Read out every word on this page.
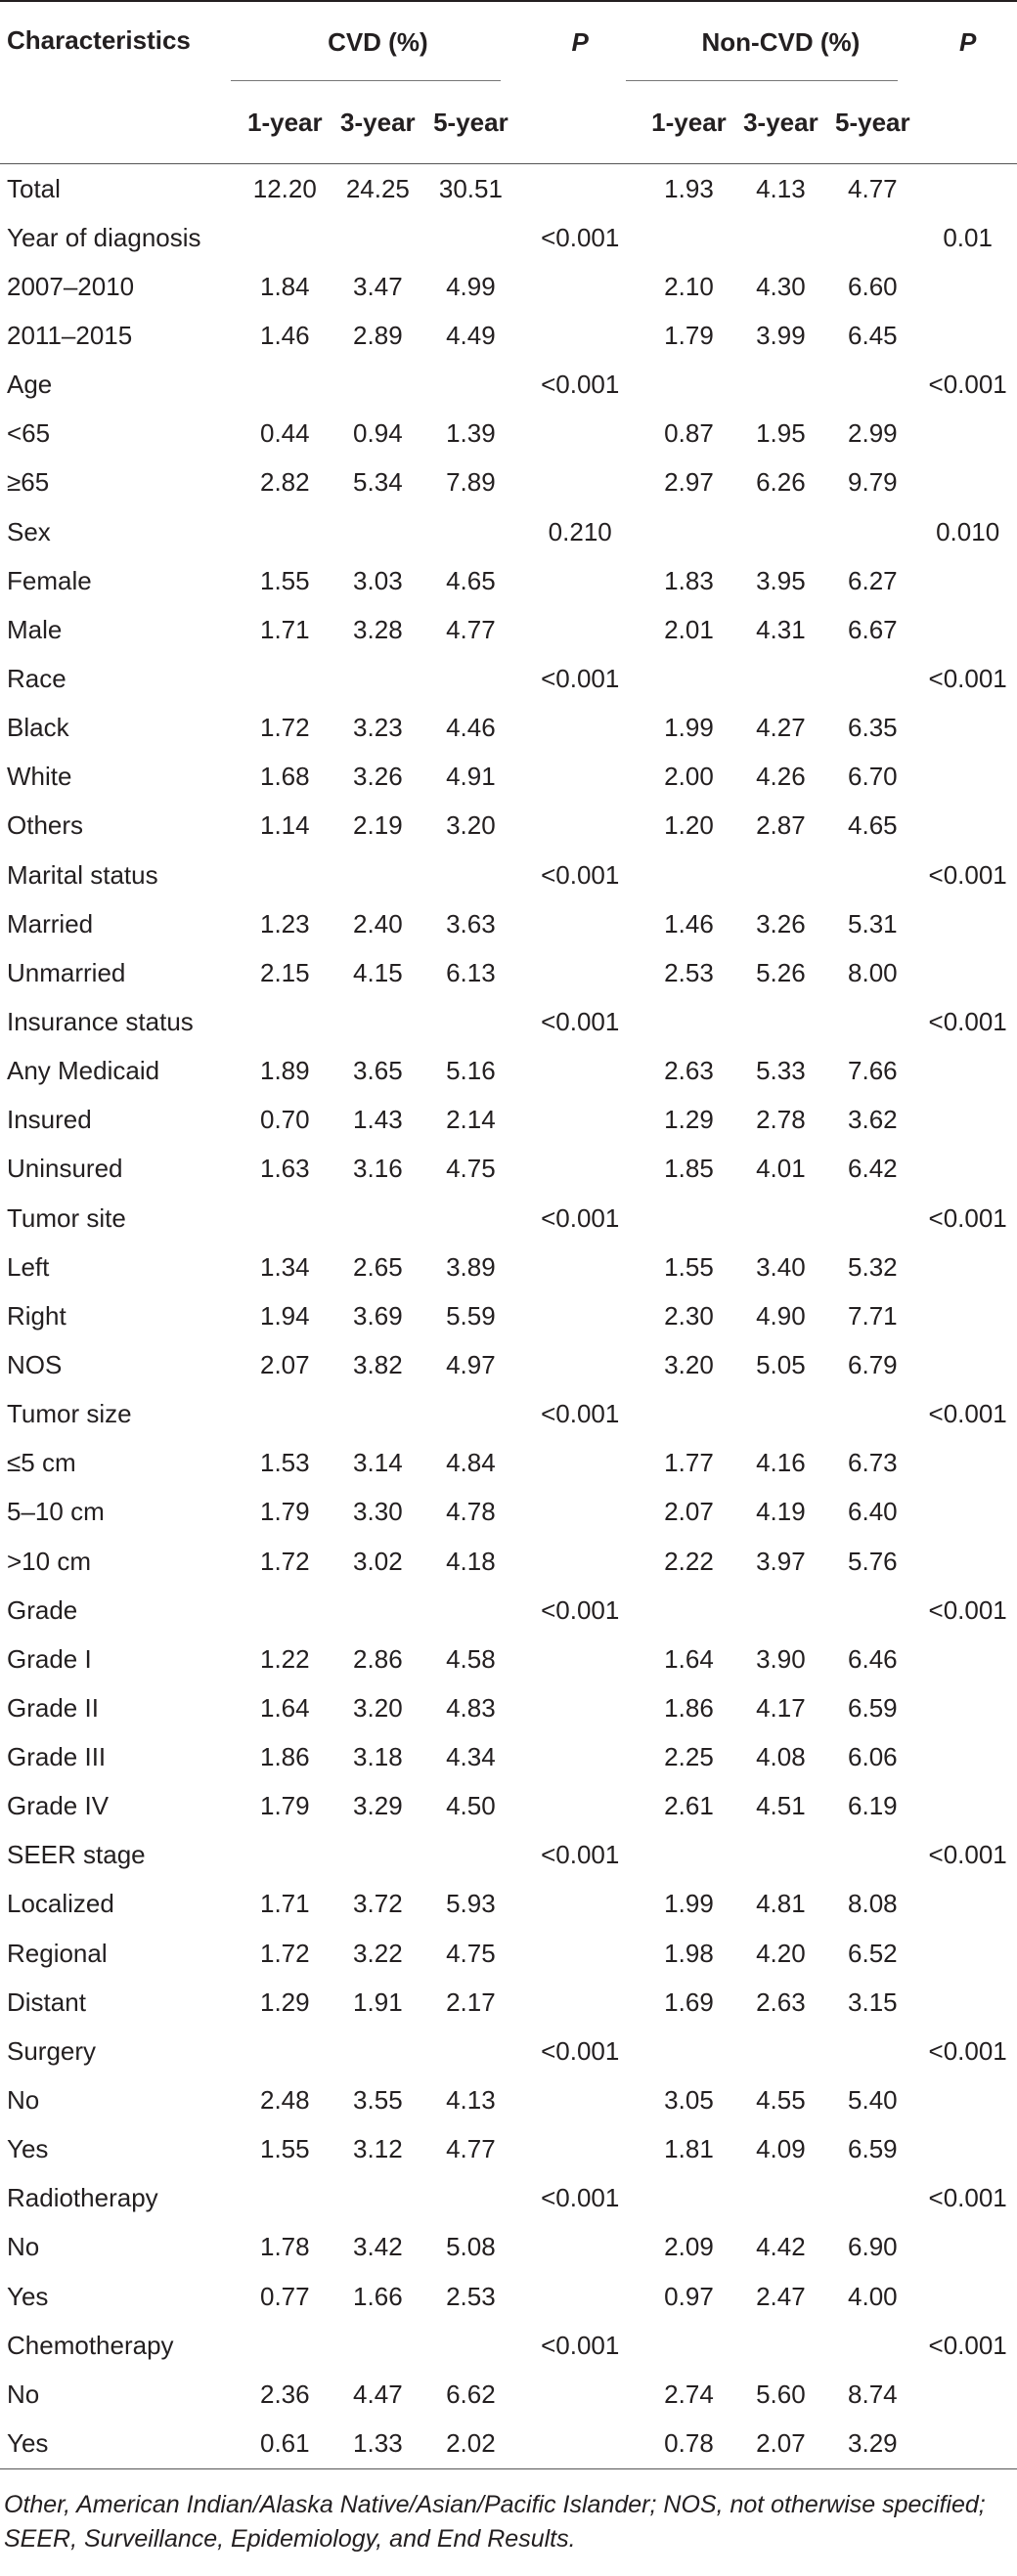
Characteristics	CVD (%)			P	Non-CVD (%)			P
	1-year	3-year	5-year		1-year	3-year	5-year	
Total	12.20	24.25	30.51		1.93	4.13	4.77	
Year of diagnosis				<0.001				0.01
2007–2010	1.84	3.47	4.99		2.10	4.30	6.60	
2011–2015	1.46	2.89	4.49		1.79	3.99	6.45	
Age				<0.001				<0.001
<65	0.44	0.94	1.39		0.87	1.95	2.99	
≥65	2.82	5.34	7.89		2.97	6.26	9.79	
Sex				0.210				0.010
Female	1.55	3.03	4.65		1.83	3.95	6.27	
Male	1.71	3.28	4.77		2.01	4.31	6.67	
Race				<0.001				<0.001
Black	1.72	3.23	4.46		1.99	4.27	6.35	
White	1.68	3.26	4.91		2.00	4.26	6.70	
Others	1.14	2.19	3.20		1.20	2.87	4.65	
Marital status				<0.001				<0.001
Married	1.23	2.40	3.63		1.46	3.26	5.31	
Unmarried	2.15	4.15	6.13		2.53	5.26	8.00	
Insurance status				<0.001				<0.001
Any Medicaid	1.89	3.65	5.16		2.63	5.33	7.66	
Insured	0.70	1.43	2.14		1.29	2.78	3.62	
Uninsured	1.63	3.16	4.75		1.85	4.01	6.42	
Tumor site				<0.001				<0.001
Left	1.34	2.65	3.89		1.55	3.40	5.32	
Right	1.94	3.69	5.59		2.30	4.90	7.71	
NOS	2.07	3.82	4.97		3.20	5.05	6.79	
Tumor size				<0.001				<0.001
≤5 cm	1.53	3.14	4.84		1.77	4.16	6.73	
5–10 cm	1.79	3.30	4.78		2.07	4.19	6.40	
>10 cm	1.72	3.02	4.18		2.22	3.97	5.76	
Grade				<0.001				<0.001
Grade I	1.22	2.86	4.58		1.64	3.90	6.46	
Grade II	1.64	3.20	4.83		1.86	4.17	6.59	
Grade III	1.86	3.18	4.34		2.25	4.08	6.06	
Grade IV	1.79	3.29	4.50		2.61	4.51	6.19	
SEER stage				<0.001				<0.001
Localized	1.71	3.72	5.93		1.99	4.81	8.08	
Regional	1.72	3.22	4.75		1.98	4.20	6.52	
Distant	1.29	1.91	2.17		1.69	2.63	3.15	
Surgery				<0.001				<0.001
No	2.48	3.55	4.13		3.05	4.55	5.40	
Yes	1.55	3.12	4.77		1.81	4.09	6.59	
Radiotherapy				<0.001				<0.001
No	1.78	3.42	5.08		2.09	4.42	6.90	
Yes	0.77	1.66	2.53		0.97	2.47	4.00	
Chemotherapy				<0.001				<0.001
No	2.36	4.47	6.62		2.74	5.60	8.74	
Yes	0.61	1.33	2.02		0.78	2.07	3.29	
Other, American Indian/Alaska Native/Asian/Pacific Islander; NOS, not otherwise specified; SEER, Surveillance, Epidemiology, and End Results.
